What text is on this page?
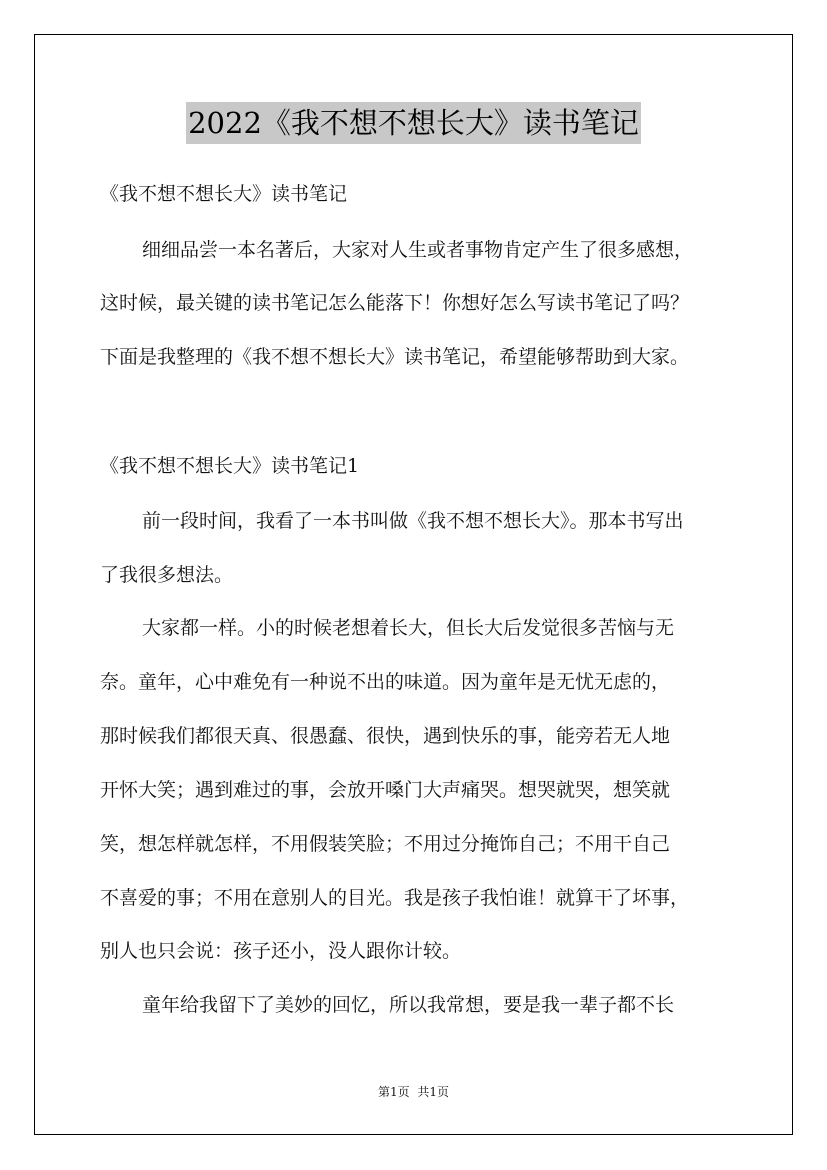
2022《我不想不想长大》读书笔记
《我不想不想长大》读书笔记
细细品尝一本名著后，大家对人生或者事物肯定产生了很多感想，
这时候，最关键的读书笔记怎么能落下！你想好怎么写读书笔记了吗？
下面是我整理的《我不想不想长大》读书笔记，希望能够帮助到大家。
《我不想不想长大》读书笔记1
前一段时间，我看了一本书叫做《我不想不想长大》。那本书写出
了我很多想法。
大家都一样。小的时候老想着长大，但长大后发觉很多苦恼与无
奈。童年，心中难免有一种说不出的味道。因为童年是无忧无虑的，
那时候我们都很天真、很愚蠢、很快，遇到快乐的事，能旁若无人地
开怀大笑；遇到难过的事，会放开嗓门大声痛哭。想哭就哭，想笑就
笑，想怎样就怎样，不用假装笑脸；不用过分掩饰自己；不用干自己
不喜爱的事；不用在意别人的目光。我是孩子我怕谁！就算干了坏事，
别人也只会说：孩子还小，没人跟你计较。
童年给我留下了美妙的回忆，所以我常想，要是我一辈子都不长
第1页 共1页
